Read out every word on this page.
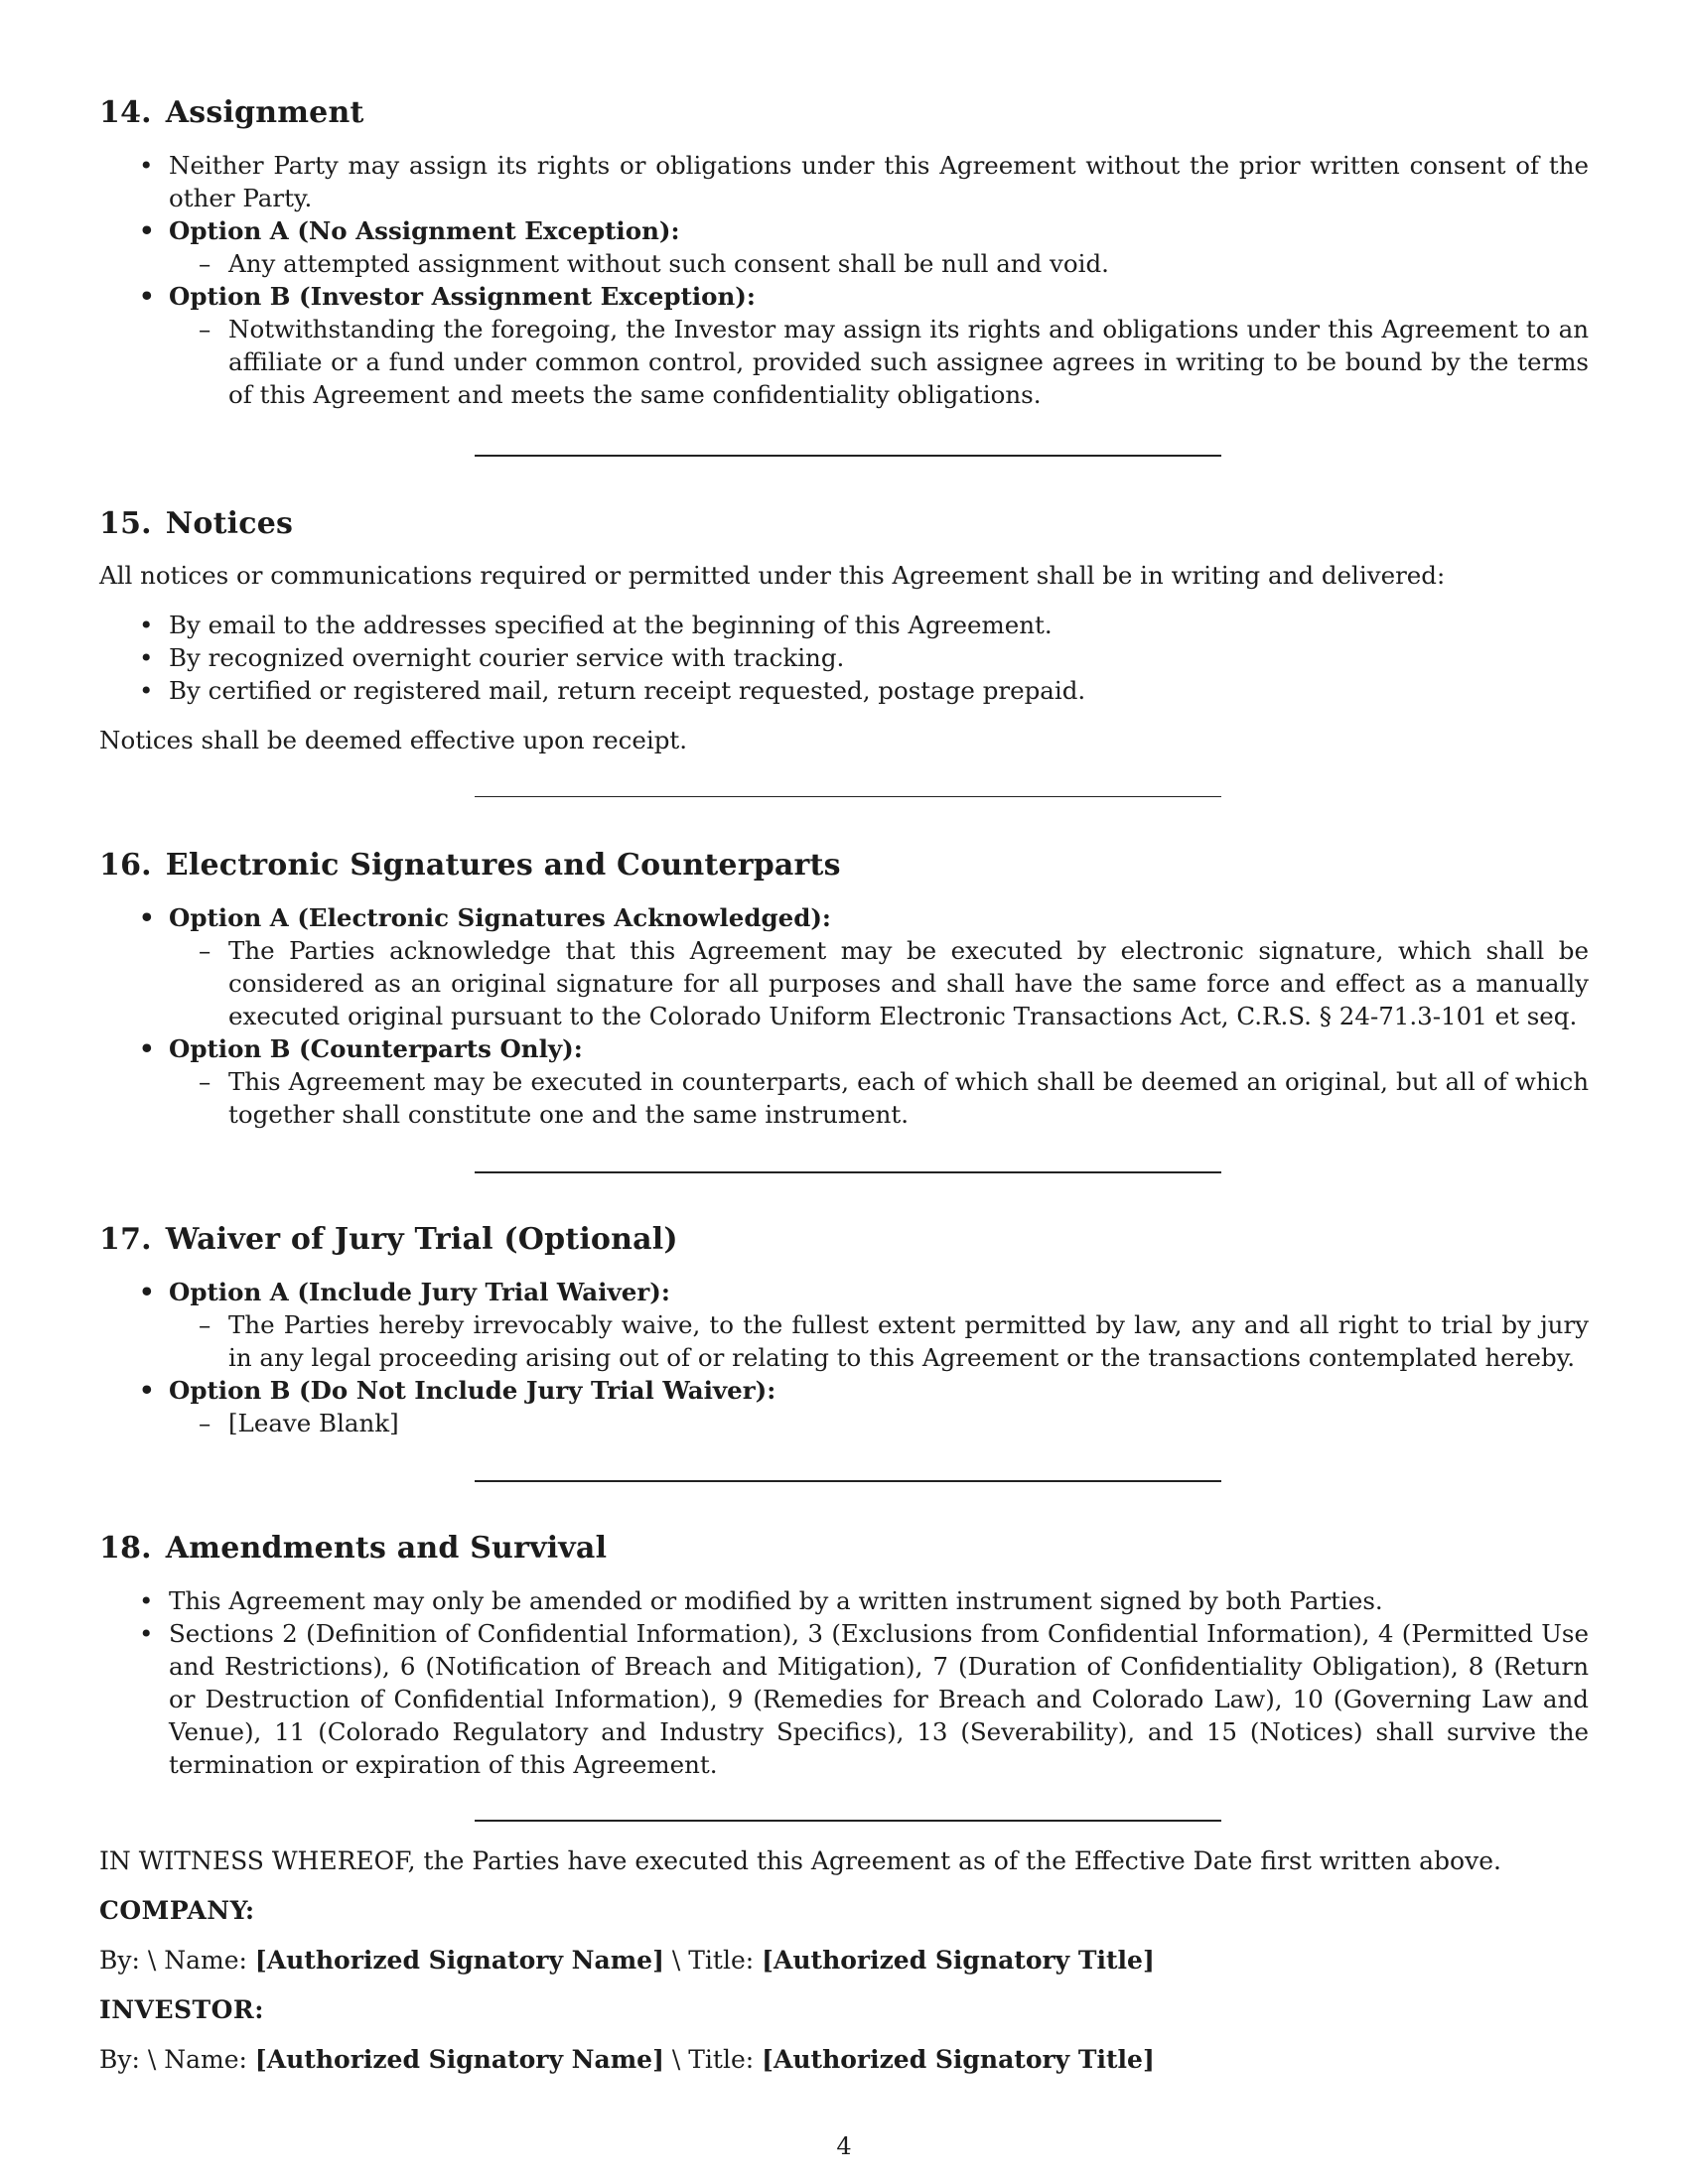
14. Assignment
• Neither Party may assign its rights or obligations under this Agreement without the prior written consent of the other Party.
• Option A (No Assignment Exception):
– Any attempted assignment without such consent shall be null and void.
• Option B (Investor Assignment Exception):
– Notwithstanding the foregoing, the Investor may assign its rights and obligations under this Agreement to an affiliate or a fund under common control, provided such assignee agrees in writing to be bound by the terms of this Agreement and meets the same confidentiality obligations.
15. Notices
All notices or communications required or permitted under this Agreement shall be in writing and delivered:
• By email to the addresses specified at the beginning of this Agreement.
• By recognized overnight courier service with tracking.
• By certified or registered mail, return receipt requested, postage prepaid.
Notices shall be deemed effective upon receipt.
16. Electronic Signatures and Counterparts
• Option A (Electronic Signatures Acknowledged):
– The Parties acknowledge that this Agreement may be executed by electronic signature, which shall be considered as an original signature for all purposes and shall have the same force and effect as a manually executed original pursuant to the Colorado Uniform Electronic Transactions Act, C.R.S. § 24-71.3-101 et seq.
• Option B (Counterparts Only):
– This Agreement may be executed in counterparts, each of which shall be deemed an original, but all of which together shall constitute one and the same instrument.
17. Waiver of Jury Trial (Optional)
• Option A (Include Jury Trial Waiver):
– The Parties hereby irrevocably waive, to the fullest extent permitted by law, any and all right to trial by jury in any legal proceeding arising out of or relating to this Agreement or the transactions contemplated hereby.
• Option B (Do Not Include Jury Trial Waiver):
– [Leave Blank]
18. Amendments and Survival
• This Agreement may only be amended or modified by a written instrument signed by both Parties.
• Sections 2 (Definition of Confidential Information), 3 (Exclusions from Confidential Information), 4 (Permitted Use and Restrictions), 6 (Notification of Breach and Mitigation), 7 (Duration of Confidentiality Obligation), 8 (Return or Destruction of Confidential Information), 9 (Remedies for Breach and Colorado Law), 10 (Governing Law and Venue), 11 (Colorado Regulatory and Industry Specifics), 13 (Severability), and 15 (Notices) shall survive the termination or expiration of this Agreement.
IN WITNESS WHEREOF, the Parties have executed this Agreement as of the Effective Date first written above.
COMPANY:
By: \ Name: [Authorized Signatory Name] \ Title: [Authorized Signatory Title]
INVESTOR:
By: \ Name: [Authorized Signatory Name] \ Title: [Authorized Signatory Title]
4
